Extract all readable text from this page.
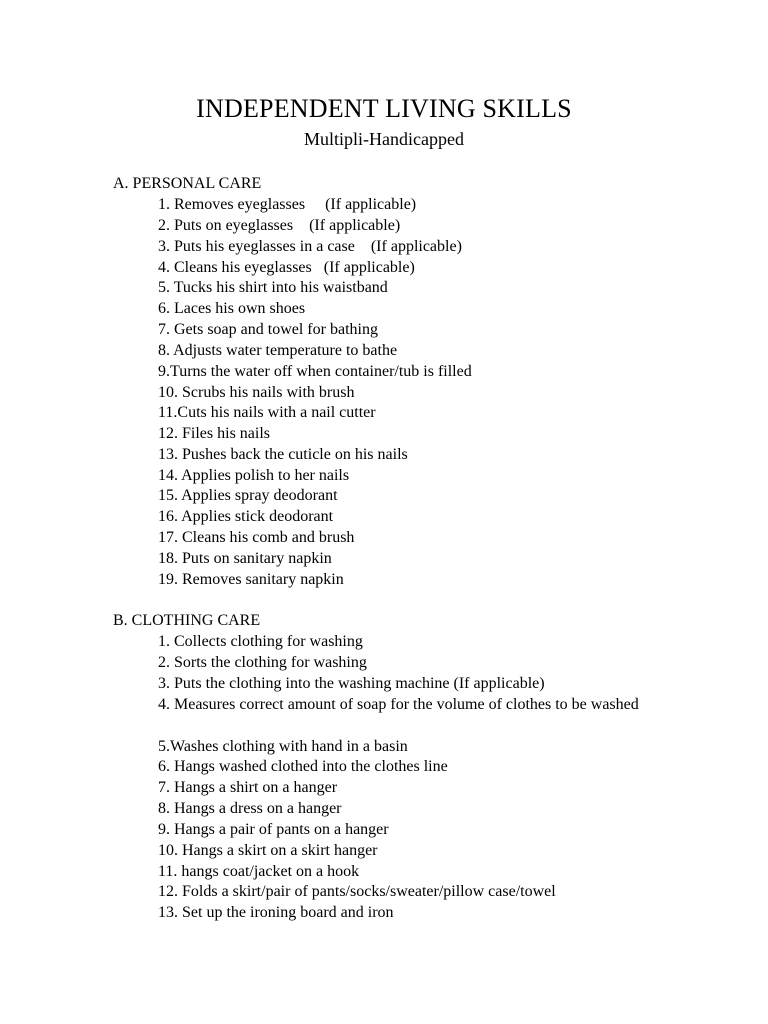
INDEPENDENT LIVING SKILLS
Multipli-Handicapped
A. PERSONAL CARE
1. Removes eyeglasses     (If applicable)
2. Puts on eyeglasses    (If applicable)
3. Puts his eyeglasses in a case    (If applicable)
4. Cleans his eyeglasses   (If applicable)
5. Tucks his shirt into his waistband
6. Laces his own shoes
7. Gets soap and towel for bathing
8. Adjusts water temperature to bathe
9.Turns the water off when container/tub is filled
10. Scrubs his nails with brush
11.Cuts his nails with a nail cutter
12. Files his nails
13. Pushes back the cuticle on his nails
14. Applies polish to her nails
15. Applies spray deodorant
16. Applies stick deodorant
17. Cleans his comb and brush
18. Puts on sanitary napkin
19. Removes sanitary napkin
B. CLOTHING CARE
1. Collects clothing for washing
2. Sorts the clothing for washing
3. Puts the clothing into the washing machine (If applicable)
4. Measures correct amount of soap for the volume of clothes to be washed
5.Washes clothing with hand in a basin
6. Hangs washed clothed into the clothes line
7. Hangs a shirt on a hanger
8. Hangs a dress on a hanger
9. Hangs a pair of pants on a hanger
10. Hangs a skirt on a skirt hanger
11. hangs coat/jacket on a hook
12. Folds a skirt/pair of pants/socks/sweater/pillow case/towel
13. Set up the ironing board and iron
